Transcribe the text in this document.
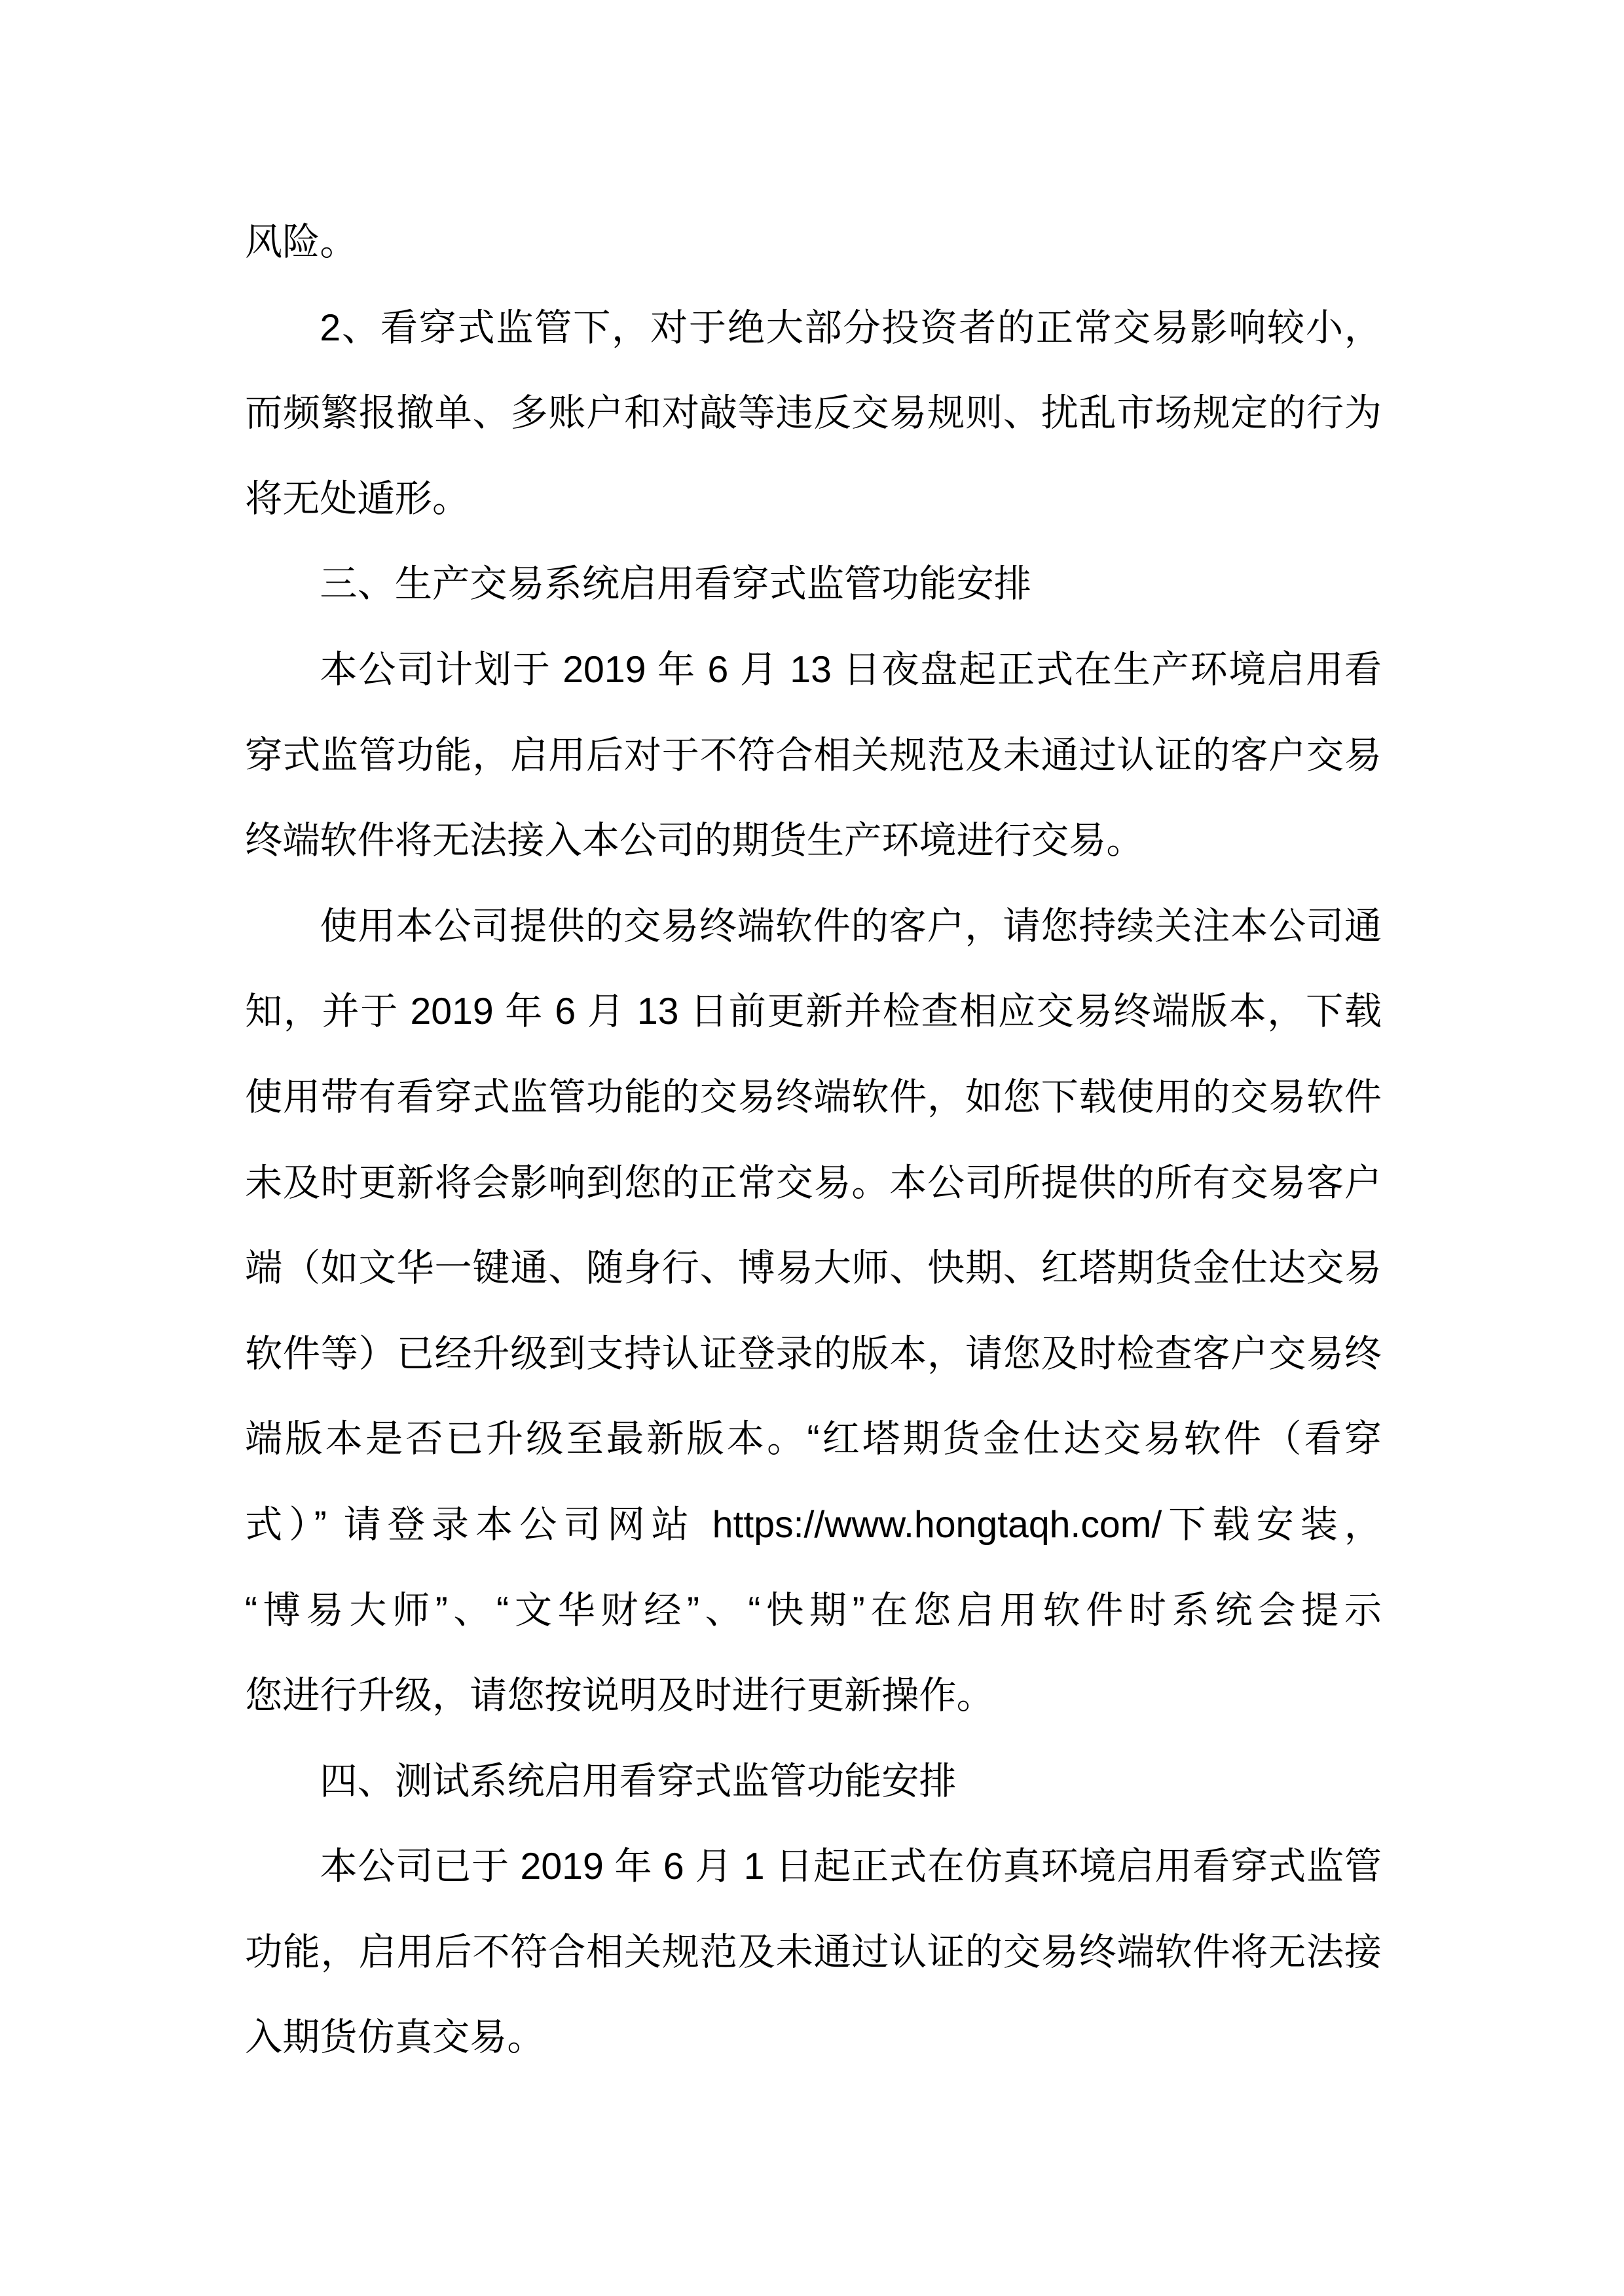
风险。
2、看穿式监管下，对于绝大部分投资者的正常交易影响较小，
而频繁报撤单、多账户和对敲等违反交易规则、扰乱市场规定的行为
将无处遁形。
三、生产交易系统启用看穿式监管功能安排
本公司计划于 2019 年 6 月 13 日夜盘起正式在生产环境启用看
穿式监管功能，启用后对于不符合相关规范及未通过认证的客户交易
终端软件将无法接入本公司的期货生产环境进行交易。
使用本公司提供的交易终端软件的客户，请您持续关注本公司通
知，并于 2019 年 6 月 13 日前更新并检查相应交易终端版本，下载
使用带有看穿式监管功能的交易终端软件，如您下载使用的交易软件
未及时更新将会影响到您的正常交易。本公司所提供的所有交易客户
端（如文华一键通、随身行、博易大师、快期、红塔期货金仕达交易
软件等）已经升级到支持认证登录的版本，请您及时检查客户交易终
端版本是否已升级至最新版本。“红塔期货金仕达交易软件（看穿
式）” 请登录本公司网站 https://www.hongtaqh.com/下载安装，
“博易大师”、“文华财经”、“快期”在您启用软件时系统会提示
您进行升级，请您按说明及时进行更新操作。
四、测试系统启用看穿式监管功能安排
本公司已于 2019 年 6 月 1 日起正式在仿真环境启用看穿式监管
功能，启用后不符合相关规范及未通过认证的交易终端软件将无法接
入期货仿真交易。
